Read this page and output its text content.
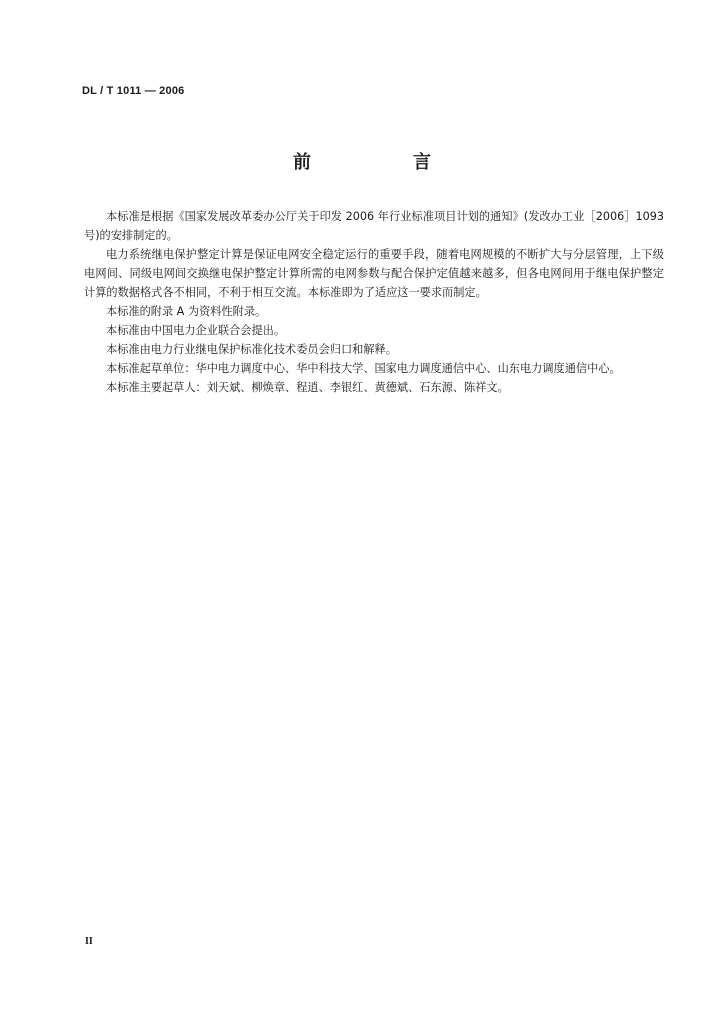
DL / T 1011 — 2006
前　言

本标准是根据《国家发展改革委办公厅关于印发 2006 年行业标准项目计划的通知》(发改办工业［2006］1093 号)的安排制定的。

电力系统继电保护整定计算是保证电网安全稳定运行的重要手段，随着电网规模的不断扩大与分层管理，上下级电网间、同级电网间交换继电保护整定计算所需的电网参数与配合保护定值越来越多，但各电网间用于继电保护整定计算的数据格式各不相同，不利于相互交流。本标准即为了适应这一要求而制定。

本标准的附录 A 为资料性附录。

本标准由中国电力企业联合会提出。

本标准由电力行业继电保护标准化技术委员会归口和解释。

本标准起草单位：华中电力调度中心、华中科技大学、国家电力调度通信中心、山东电力调度通信中心。

本标准主要起草人：刘天斌、柳焕章、程逍、李银红、黄德斌、石东源、陈祥文。

II
